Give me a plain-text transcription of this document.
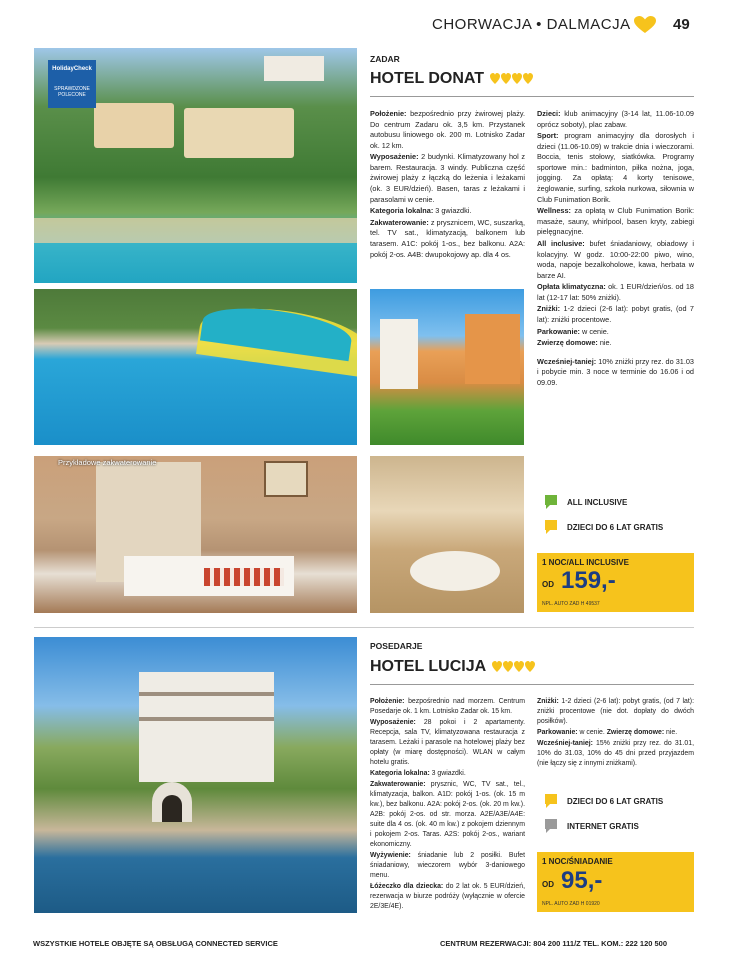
CHORWACJA • DALMACJA	49
HolidayCheck
SPRAWDZONE
POLECONE
ZADAR
HOTEL DONAT

Położenie: bezpośrednio przy żwirowej plaży. Do centrum Zadaru ok. 3,5 km. Przystanek autobusu liniowego ok. 200 m. Lotnisko Zadar ok. 12 km.

Wyposażenie: 2 budynki. Klimatyzowany hol z barem. Restauracja. 3 windy. Publiczna część żwirowej plaży z łączką do leżenia i leżakami (ok. 3 EUR/dzień). Basen, taras z leżakami i parasolami w cenie.

Kategoria lokalna: 3 gwiazdki.

Zakwaterowanie: z prysznicem, WC, suszarką, tel. TV sat., klimatyzacją, balkonem lub tarasem. A1C: pokój 1-os., bez balkonu. A2A: pokój 2-os. A4B: dwupokojowy ap. dla 4 os.

Dzieci: klub animacyjny (3-14 lat, 11.06-10.09 oprócz soboty), plac zabaw.

Sport: program animacyjny dla dorosłych i dzieci (11.06-10.09) w trakcie dnia i wieczorami. Boccia, tenis stołowy, siatkówka. Programy sportowe min.: badminton, piłka nożna, joga, jogging. Za opłatą: 4 korty tenisowe, żeglowanie, surfing, szkoła nurkowa, siłownia w Club Funimation Borik.

Wellness: za opłatą w Club Funimation Borik: masaże, sauny, whirlpool, basen kryty, zabiegi pielęgnacyjne.

All inclusive: bufet śniadaniowy, obiadowy i kolacyjny. W godz. 10:00-22:00 piwo, wino, woda, napoje bezalkoholowe, kawa, herbata w barze AI.

Opłata klimatyczna: ok. 1 EUR/dzień/os. od 18 lat (12-17 lat: 50% zniżki).

Zniżki: 1-2 dzieci (2-6 lat): pobyt gratis, (od 7 lat): zniżki procentowe.

Parkowanie: w cenie.

Zwierzę domowe: nie.

Wcześniej-taniej: 10% zniżki przy rez. do 31.03 i pobycie min. 3 noce w terminie do 16.06 i od 09.09.

Przykładowe zakwaterowanie
ALL INCLUSIVE
DZIECI DO 6 LAT GRATIS
1 NOC/ALL INCLUSIVE
OD 159,-
NPL. AUTO ZAD H 49537
POSEDARJE
HOTEL LUCIJA

Położenie: bezpośrednio nad morzem. Centrum Posedarje ok. 1 km. Lotnisko Zadar ok. 15 km.

Wyposażenie: 28 pokoi i 2 apartamenty. Recepcja, sala TV, klimatyzowana restauracja z tarasem. Leżaki i parasole na hotelowej plaży bez opłaty (w miarę dostępności). WLAN w całym hotelu gratis.

Kategoria lokalna: 3 gwiazdki.

Zakwaterowanie: prysznic, WC, TV sat., tel., klimatyzacja, balkon. A1D: pokój 1-os. (ok. 15 m kw.), bez balkonu. A2A: pokój 2-os. (ok. 20 m kw.). A2B: pokój 2-os. od str. morza. A2E/A3E/A4E: suite dla 4 os. (ok. 40 m kw.) z pokojem dziennym i pokojem 2-os. Taras. A2S: pokój 2-os., wariant ekonomiczny.

Wyżywienie: śniadanie lub 2 posiłki. Bufet śniadaniowy, wieczorem wybór 3-daniowego menu.

Łóżeczko dla dziecka: do 2 lat ok. 5 EUR/dzień, rezerwacja w biurze podróży (wyłącznie w ofercie 2E/3E/4E).

Zniżki: 1-2 dzieci (2-6 lat): pobyt gratis, (od 7 lat): zniżki procentowe (nie dot. dopłaty do dwóch posiłków).

Parkowanie: w cenie. Zwierzę domowe: nie.

Wcześniej-taniej: 15% zniżki przy rez. do 31.01, 10% do 31.03, 10% do 45 dni przed przyjazdem (nie łączy się z innymi zniżkami).

DZIECI DO 6 LAT GRATIS
INTERNET GRATIS
1 NOC/ŚNIADANIE
OD 95,-
NPL. AUTO ZAD H 01920
WSZYSTKIE HOTELE OBJĘTE SĄ OBSŁUGĄ CONNECTED SERVICE	CENTRUM REZERWACJI: 804 200 111/Z TEL. KOM.: 222 120 500
